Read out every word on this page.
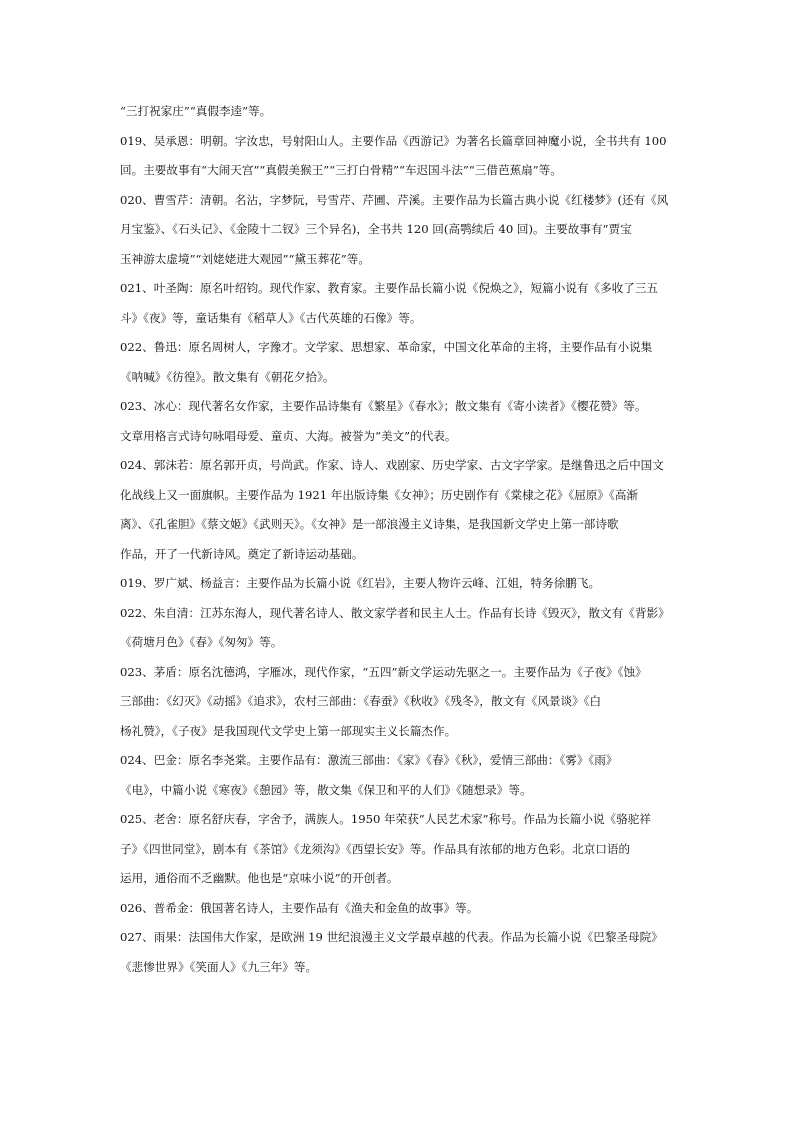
“三打祝家庄”“真假李逵”等。
019、吴承恩：明朝。字汝忠，号射阳山人。主要作品《西游记》为著名长篇章回神魔小说，全书共有 100
回。主要故事有“大闹天宫”“真假美猴王”“三打白骨精”“车迟国斗法”“三借芭蕉扇”等。
020、曹雪芹：清朝。名沾，字梦阮，号雪芹、芹圃、芹溪。主要作品为长篇古典小说《红楼梦》(还有《风
月宝鉴》、《石头记》、《金陵十二钗》三个异名)，全书共 120 回(高鹗续后 40 回)。主要故事有“贾宝
玉神游太虚境”“刘姥姥进大观园”“黛玉葬花”等。
021、叶圣陶：原名叶绍钧。现代作家、教育家。主要作品长篇小说《倪焕之》，短篇小说有《多收了三五
斗》《夜》等，童话集有《稻草人》《古代英雄的石像》等。
022、鲁迅：原名周树人，字豫才。文学家、思想家、革命家，中国文化革命的主将，主要作品有小说集
《呐喊》《彷徨》。散文集有《朝花夕拾》。
023、冰心：现代著名女作家，主要作品诗集有《繁星》《春水》；散文集有《寄小读者》《樱花赞》等。
文章用格言式诗句咏唱母爱、童贞、大海。被誉为“美文”的代表。
024、郭沫若：原名郭开贞，号尚武。作家、诗人、戏剧家、历史学家、古文字学家。是继鲁迅之后中国文
化战线上又一面旗帜。主要作品为 1921 年出版诗集《女神》；历史剧作有《棠棣之花》《屈原》《高渐
离》、《孔雀胆》《蔡文姬》《武则天》。《女神》是一部浪漫主义诗集，是我国新文学史上第一部诗歌
作品，开了一代新诗风。奠定了新诗运动基础。
019、罗广斌、杨益言：主要作品为长篇小说《红岩》，主要人物许云峰、江姐，特务徐鹏飞。
022、朱自清：江苏东海人，现代著名诗人、散文家学者和民主人士。作品有长诗《毁灭》，散文有《背影》
《荷塘月色》《春》《匆匆》等。
023、茅盾：原名沈德鸿，字雁冰，现代作家，“五四”新文学运动先驱之一。主要作品为《子夜》《蚀》
三部曲：《幻灭》《动摇》《追求》，农村三部曲：《春蚕》《秋收》《残冬》，散文有《风景谈》《白
杨礼赞》，《子夜》是我国现代文学史上第一部现实主义长篇杰作。
024、巴金：原名李尧棠。主要作品有：激流三部曲：《家》《春》《秋》，爱情三部曲：《雾》《雨》
《电》，中篇小说《寒夜》《憩园》等，散文集《保卫和平的人们》《随想录》等。
025、老舍：原名舒庆春，字舍予，满族人。1950 年荣获“人民艺术家”称号。作品为长篇小说《骆驼祥
子》《四世同堂》，剧本有《茶馆》《龙须沟》《西望长安》等。作品具有浓郁的地方色彩。北京口语的
运用，通俗而不乏幽默。他也是“京味小说”的开创者。
026、普希金：俄国著名诗人，主要作品有《渔夫和金鱼的故事》等。
027、雨果：法国伟大作家，是欧洲 19 世纪浪漫主义文学最卓越的代表。作品为长篇小说《巴黎圣母院》
《悲惨世界》《笑面人》《九三年》等。
